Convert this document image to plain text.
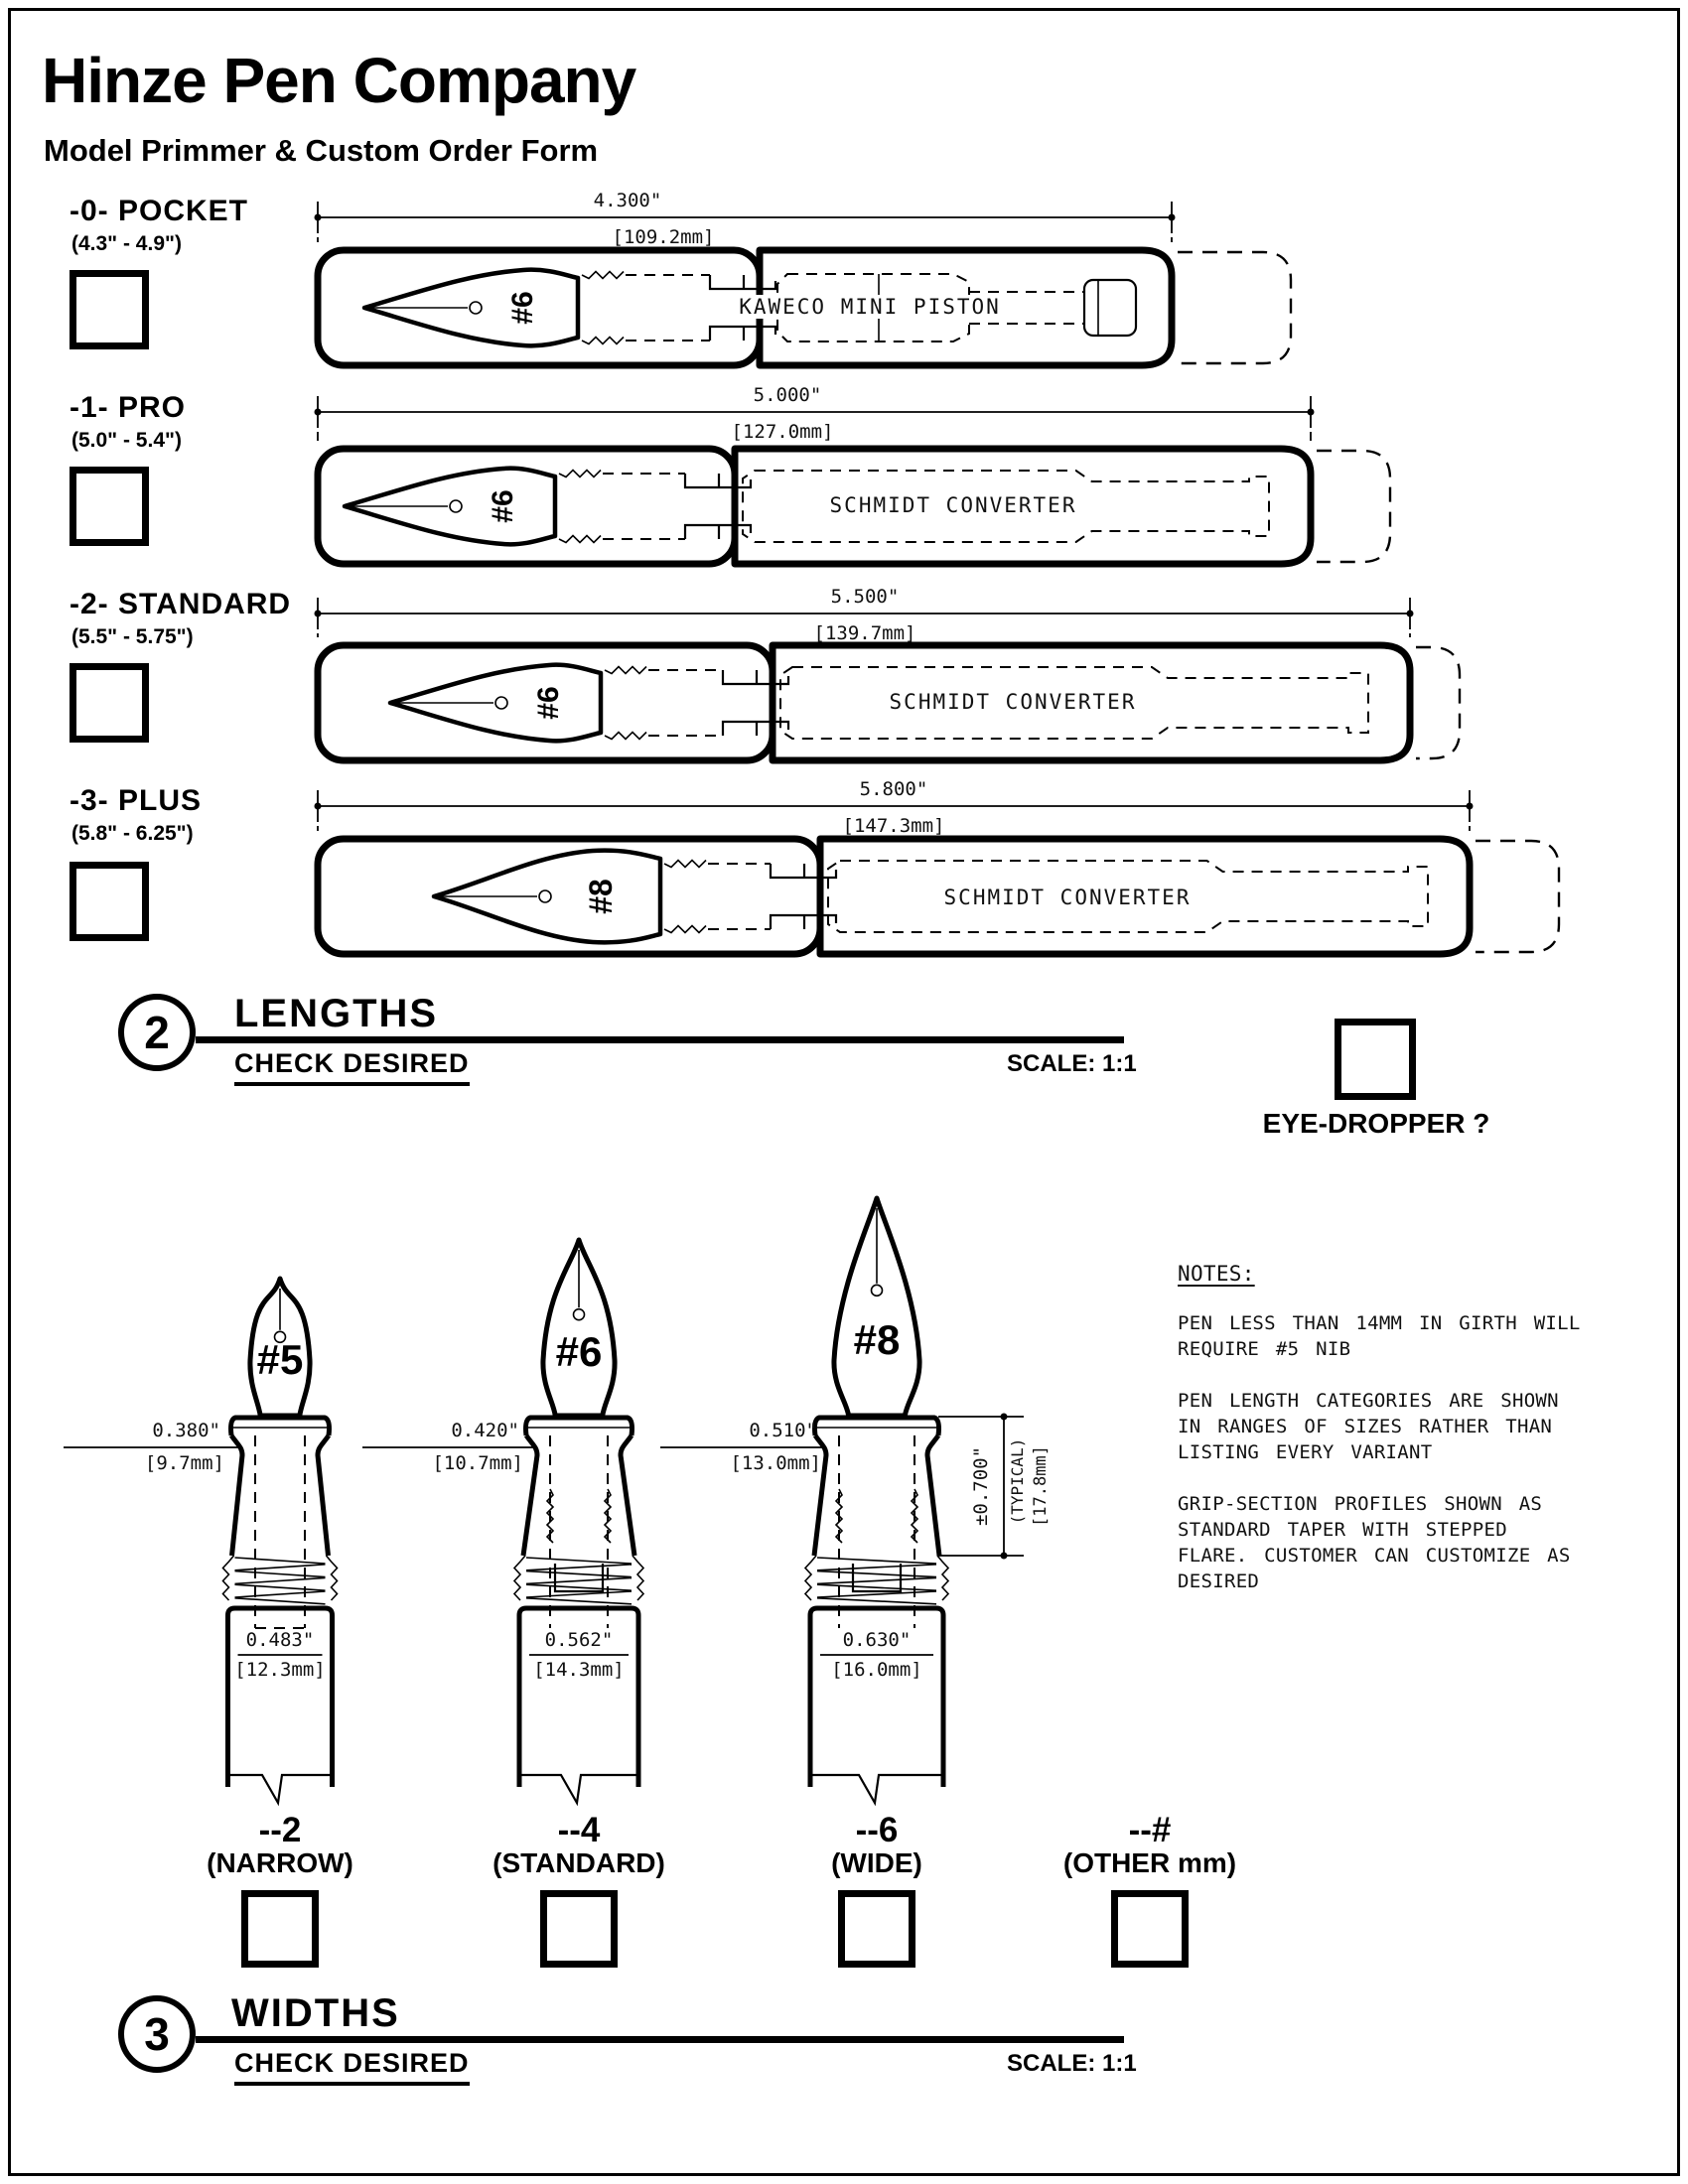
Hinze Pen Company
Model Primmer & Custom Order Form
-0- POCKET
(4.3" - 4.9")
4.300"
[109.2mm]
KAWECO MINI PISTON
#6
-1- PRO
(5.0" - 5.4")
5.000"
[127.0mm]
SCHMIDT CONVERTER
#6
-2- STANDARD
(5.5" - 5.75")
5.500"
[139.7mm]
SCHMIDT CONVERTER
#6
-3- PLUS
(5.8" - 6.25")
5.800"
[147.3mm]
SCHMIDT CONVERTER
#8
2	LENGTHS
CHECK DESIRED	SCALE: 1:1
EYE-DROPPER ?
#5
0.380"
[9.7mm]
0.483"
[12.3mm]
--2
(NARROW)
#6
0.420"
[10.7mm]
0.562"
[14.3mm]
--4
(STANDARD)
#8
0.510"
[13.0mm]
0.630"
[16.0mm]
--6
(WIDE)
±0.700" (TYPICAL) [17.8mm]
--#
(OTHER mm)
NOTES:

PEN LESS THAN 14MM IN GIRTH WILL REQUIRE #5 NIB

PEN LENGTH CATEGORIES ARE SHOWN IN RANGES OF SIZES RATHER THAN LISTING EVERY VARIANT

GRIP-SECTION PROFILES SHOWN AS STANDARD TAPER WITH STEPPED FLARE. CUSTOMER CAN CUSTOMIZE AS DESIRED

3	WIDTHS
CHECK DESIRED	SCALE: 1:1
